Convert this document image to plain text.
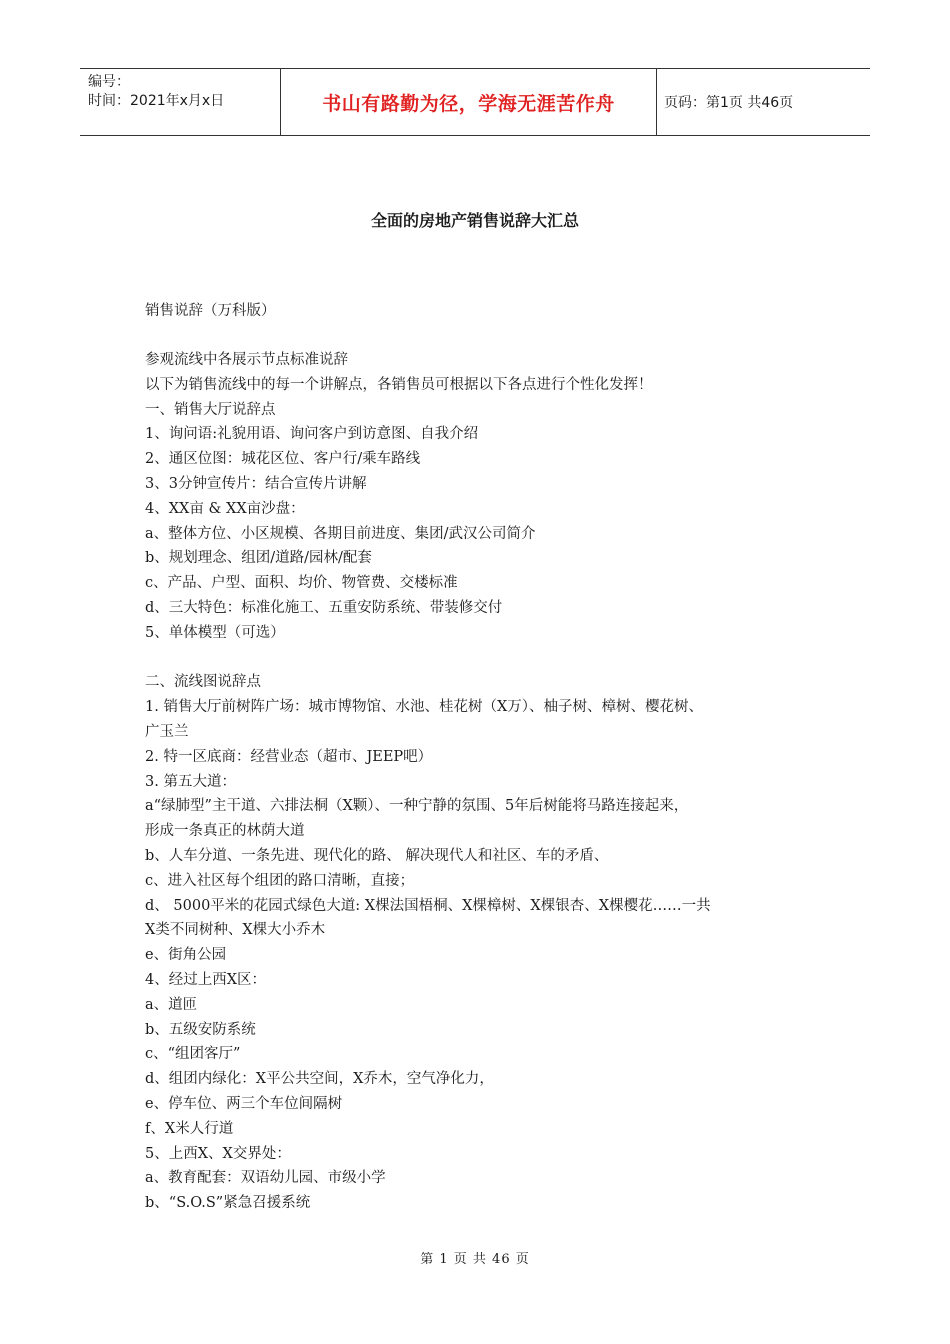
编号：
时间：2021年x月x日	书山有路勤为径，学海无涯苦作舟	页码：第1页 共46页
全面的房地产销售说辞大汇总

销售说辞（万科版）

参观流线中各展示节点标准说辞

以下为销售流线中的每一个讲解点，各销售员可根据以下各点进行个性化发挥！

一、销售大厅说辞点

1、询问语:礼貌用语、询问客户到访意图、自我介绍

2、通区位图：城花区位、客户行/乘车路线

3、3分钟宣传片：结合宣传片讲解

4、XX亩 & XX亩沙盘：

a、整体方位、小区规模、各期目前进度、集团/武汉公司简介

b、规划理念、组团/道路/园林/配套

c、产品、户型、面积、均价、物管费、交楼标准

d、三大特色：标准化施工、五重安防系统、带装修交付

5、单体模型（可选）

二、流线图说辞点

1. 销售大厅前树阵广场：城市博物馆、水池、桂花树（X万）、柚子树、樟树、樱花树、

广玉兰

2. 特一区底商：经营业态（超市、JEEP吧）

3. 第五大道：

a“绿肺型”主干道、六排法桐（X颗）、一种宁静的氛围、5年后树能将马路连接起来，

形成一条真正的林荫大道

b、人车分道、一条先进、现代化的路、 解决现代人和社区、车的矛盾、

c、进入社区每个组团的路口清晰，直接；

d、 5000平米的花园式绿色大道: X棵法国梧桐、X棵樟树、X棵银杏、X棵樱花……一共

X类不同树种、X棵大小乔木

e、街角公园

4、经过上西X区：

a、道匝

b、五级安防系统

c、“组团客厅”

d、组团内绿化：X平公共空间，X乔木，空气净化力，

e、停车位、两三个车位间隔树

f、X米人行道

5、上西X、X交界处：

a、教育配套：双语幼儿园、市级小学

b、“S.O.S”紧急召援系统

第 1 页 共 46 页
